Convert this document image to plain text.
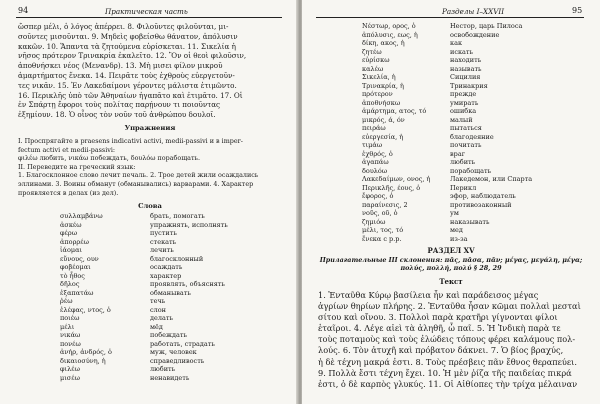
94	Практическая часть
ὤσπερ μέλι, ὁ λόγος ἀπέρρει. 8. Φιλοῦντες φιλοῦνται, μι-
σοῦντες μισοῦνται. 9. Μηδεὶς φοβείσθω θάνατον, ἀπόλυσιν
κακῶν. 10. Ἅπαντα τὰ ζητούμενα εὑρίσκεται. 11. Σικελία ἡ
νῆσος πρότερον Τρινακρία ἐκαλεῖτο. 12. Ὃν οἱ θεοὶ φιλοῦσιν,
ἀποθνήσκει νέος (Μενανδρ). 13. Μὴ μισει φίλον μικροῦ
ἁμαρτήματος ἕνεκα. 14. Πειρᾶτε τοὺς ἐχθροὺς εὐεργετοῦν-
τες νικᾶν. 15. Ἐν Λακεδαίμονι γέροντες μάλιστα ἐτιμῶντο.
16. Περικλῆς ὑπὸ τῶν Ἀθηναίων ἠγαπᾶτο καὶ ἐτιμᾶτο. 17. Οἱ
ἐν Σπάρτῃ ἔφοροι τοὺς πολίτας παρῄνουν τι ποιοῦντας
ἐξημίουν. 18. Ὁ οἶνος τὸν νοῦν τοῦ ἀνθρώπου δουλοῖ.
Упражнения
I. Проспрягайте в praesens indicativi activi, medii-passivi и в imper-
fectum activi et medii-passivi:
φιλέω любить, νικάω побеждать, δουλόω порабощать.
II. Переведите на греческий язык:
1. Благосклонное слово лечит печаль. 2. Трое детей жили осаждались
эллинами. 3. Воины обманут (обманывались) варварами. 4. Характер
проявляется в делах (из дел).
Слова
συλλαμβάνω	брать, помогать
ἀσκέω	упражнять, исполнять
φέρω	пустить
ἀπορρέω	стекать
ἰάομαι	лечить
εὔνους, ουν	благосклонный
φοβέομαι	осаждать
τὸ ἦθος	характер
δῆλος	проявлять, объяснять
ἐξαπατάω	обманывать
ῥέω	течь
ἐλέφας, ντος, ὁ	слон
ποιέω	делать
μέλι	мёд
νικάω	побеждать
πονέω	работать, страдать
ἀνήρ, ἀνδρός, ὁ	муж, человек
δικαιοσύνη, ἡ	справедливость
φιλέω	любить
μισέω	ненавидеть
Разделы I–XXVII	95
Νέστωρ, ορος, ὁ	Нестор, царь Пилоса
ἀπόλυσις, εως, ἡ	освобождение
δίκη, ακος, ἡ	как
ζητέω	искать
εὑρίσκω	находить
καλέω	называть
Σικελία, ἡ	Сицилия
Τρινακρία, ἡ	Тринакрия
πρότερον	прежде
ἀποθνήσκω	умирать
ἁμάρτημα, ατος, τό	ошибка
μικρός, ά, όν	малый
πειράω	пытаться
εὐεργεσία, ἡ	благодеяние
τιμάω	почитать
ἐχθρός, ὁ	враг
ἀγαπάω	любить
δουλόω	порабощать
Λακεδαίμων, ονος, ἡ	Лакедемон, или Спарта
Περικλῆς, έους, ὁ	Перикл
ἔφορος, ὁ	эфор, наблюдатель
παραίνεσις, 2	противозаконный
νοῦς, οῦ, ὁ	ум
ζημιόω	наказывать
μέλι, τος, τό	мед
ἕνεκα c p.p.	из-за
РАЗДЕЛ XV
Прилагательные III склонения: πᾶς, πᾶσα, πᾶν; μέγας, μεγάλη, μέγα; πολύς, πολλή, πολύ § 28, 29
Текст
1. Ἐνταῦθα Κύρῳ βασίλεια ἦν καὶ παράδεισος μέγας
ἀγρίων θηρίων πλήρης. 2. Ἐνταῦθα ἦσαν κῶμαι πολλαὶ μεσταὶ
σίτου καὶ οἴνου. 3. Πολλοὶ παρὰ κρατῆρι γίγνονται φίλοι
ἑταῖροι. 4. Λέγε αἰεὶ τὰ ἀληθῆ, ὦ παῖ. 5. Ἡ Ἰνδικὴ παρὰ τε
τοὺς ποταμοὺς καὶ τοὺς ἐλώδεις τόπους φέρει καλάμους πολ-
λούς. 6. Τὸν ἀτυχῆ καὶ πρόβατον δάκνει. 7. Ὁ βίος βραχύς,
ἡ δὲ τέχνη μακρά ἐστι. 8. Τοὺς πρέσβεις πᾶν ἔθνος θεραπεύει.
9. Πολλὰ ἔστι τέχνη ἔχει. 10. Ἡ μὲν ῥίζα τῆς παιδείας πικρά
ἐστι, ὁ δὲ καρπὸς γλυκύς. 11. Οἱ Αἰθίοπες τὴν τρίχα μέλαιναν
